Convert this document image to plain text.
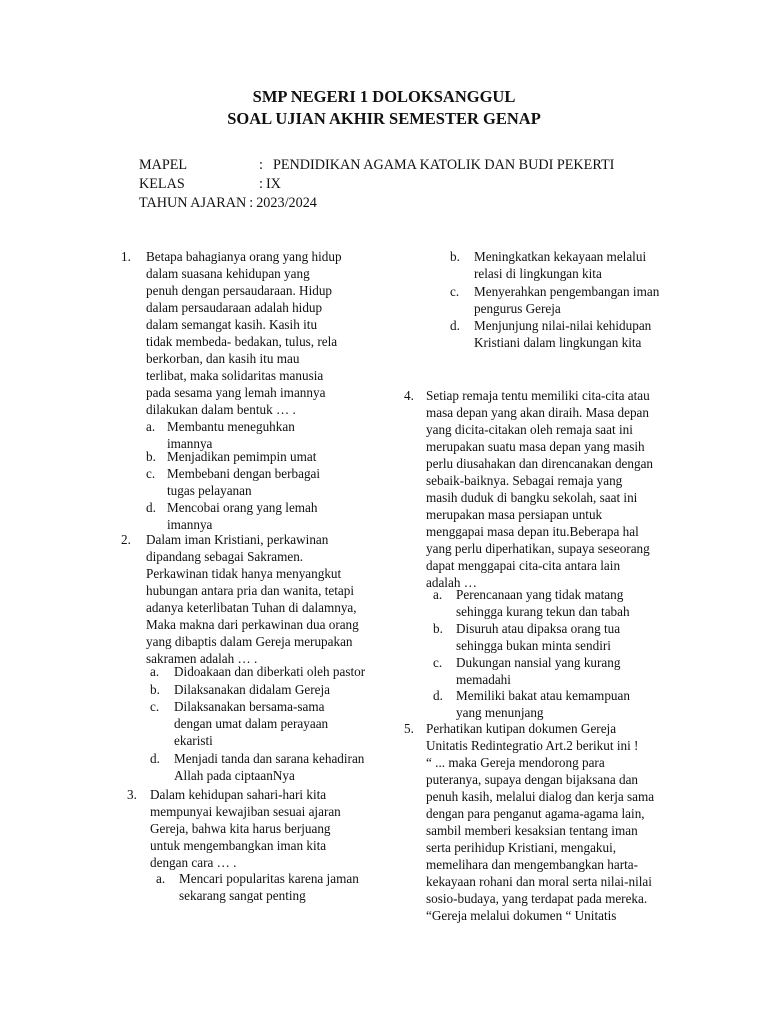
SMP NEGERI 1 DOLOKSANGGUL
SOAL UJIAN AKHIR SEMESTER GENAP
MAPEL	: PENDIDIKAN AGAMA KATOLIK DAN BUDI PEKERTI
KELAS	: IX
TAHUN AJARAN : 2023/2024
1. Betapa bahagianya orang yang hidup
dalam suasana kehidupan yang
penuh dengan persaudaraan. Hidup
dalam persaudaraan adalah hidup
dalam semangat kasih. Kasih itu
tidak membeda- bedakan, tulus, rela
berkorban, dan kasih itu mau
terlibat, maka solidaritas manusia
pada sesama yang lemah imannya
dilakukan dalam bentuk … .
a. Membantu meneguhkan
imannya
b. Menjadikan pemimpin umat
c. Membebani dengan berbagai
tugas pelayanan
d. Mencobai orang yang lemah
imannya
2. Dalam iman Kristiani, perkawinan
dipandang sebagai Sakramen.
Perkawinan tidak hanya menyangkut
hubungan antara pria dan wanita, tetapi
adanya keterlibatan Tuhan di dalamnya,
Maka makna dari perkawinan dua orang
yang dibaptis dalam Gereja merupakan
sakramen adalah … .
a. Didoakaan dan diberkati oleh pastor
b. Dilaksanakan didalam Gereja
c. Dilaksanakan bersama-sama
dengan umat dalam perayaan
ekaristi
d. Menjadi tanda dan sarana kehadiran
Allah pada ciptaanNya
3. Dalam kehidupan sahari-hari kita
mempunyai kewajiban sesuai ajaran
Gereja, bahwa kita harus berjuang
untuk mengembangkan iman kita
dengan cara … .
a. Mencari popularitas karena jaman
sekarang sangat penting
b. Meningkatkan kekayaan melalui
relasi di lingkungan kita
c. Menyerahkan pengembangan iman
pengurus Gereja
d. Menjunjung nilai-nilai kehidupan
Kristiani dalam lingkungan kita
4. Setiap remaja tentu memiliki cita-cita atau
masa depan yang akan diraih. Masa depan
yang dicita-citakan oleh remaja saat ini
merupakan suatu masa depan yang masih
perlu diusahakan dan direncanakan dengan
sebaik-baiknya. Sebagai remaja yang
masih duduk di bangku sekolah, saat ini
merupakan masa persiapan untuk
menggapai masa depan itu.Beberapa hal
yang perlu diperhatikan, supaya seseorang
dapat menggapai cita-cita antara lain
adalah …
a. Perencanaan yang tidak matang
sehingga kurang tekun dan tabah
b. Disuruh atau dipaksa orang tua
sehingga bukan minta sendiri
c. Dukungan nansial yang kurang
memadahi
d. Memiliki bakat atau kemampuan
yang menunjang
5. Perhatikan kutipan dokumen Gereja
Unitatis Redintegratio Art.2 berikut ini !
“ ... maka Gereja mendorong para
puteranya, supaya dengan bijaksana dan
penuh kasih, melalui dialog dan kerja sama
dengan para penganut agama-agama lain,
sambil memberi kesaksian tentang iman
serta perihidup Kristiani, mengakui,
memelihara dan mengembangkan harta-
kekayaan rohani dan moral serta nilai-nilai
sosio-budaya, yang terdapat pada mereka.
“Gereja melalui dokumen “ Unitatis
